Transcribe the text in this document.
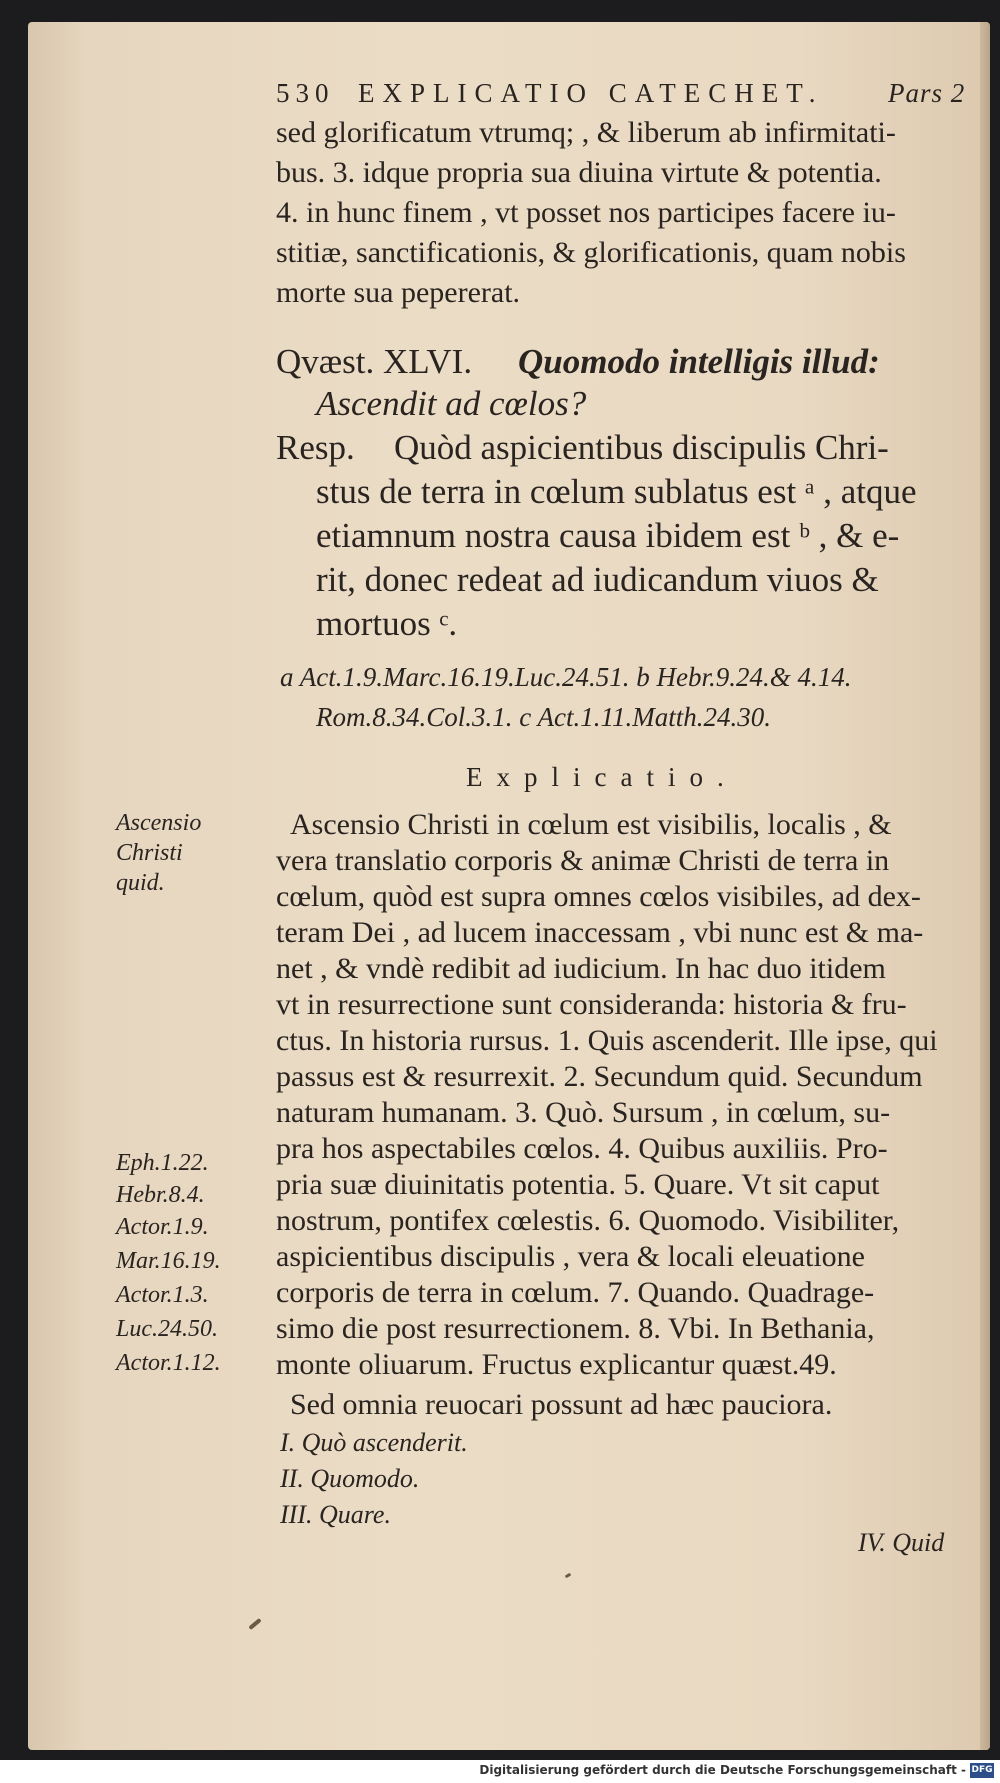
530 EXPLICATIO CATECHET. Pars 2
sed glorificatum vtrumq; , & liberum ab infirmitati-
bus. 3. idque propria sua diuina virtute & potentia.
4. in hunc finem , vt posset nos participes facere iu-
stitiæ, sanctificationis, & glorificationis, quam nobis
morte sua pepererat.
Qvæst. XLVI. Quomodo intelligis illud:
Ascendit ad cœlos?
Resp. Quòd aspicientibus discipulis Chri-
stus de terra in cœlum sublatus est ᵃ , atque
etiamnum nostra causa ibidem est ᵇ , & e-
rit, donec redeat ad iudicandum viuos &
mortuos ᶜ.
a Act.1.9.Marc.16.19.Luc.24.51. b Hebr.9.24.& 4.14.
Rom.8.34.Col.3.1. c Act.1.11.Matth.24.30.
Explicatio.
Ascensio
Christi
quid.
Eph.1.22.
Hebr.8.4.
Actor.1.9.
Mar.16.19.
Actor.1.3.
Luc.24.50.
Actor.1.12.
Ascensio Christi in cœlum est visibilis, localis , &
vera translatio corporis & animæ Christi de terra in
cœlum, quòd est supra omnes cœlos visibiles, ad dex-
teram Dei , ad lucem inaccessam , vbi nunc est & ma-
net , & vndè redibit ad iudicium. In hac duo itidem
vt in resurrectione sunt consideranda: historia & fru-
ctus. In historia rursus. 1. Quis ascenderit. Ille ipse, qui
passus est & resurrexit. 2. Secundum quid. Secundum
naturam humanam. 3. Quò. Sursum , in cœlum, su-
pra hos aspectabiles cœlos. 4. Quibus auxiliis. Pro-
pria suæ diuinitatis potentia. 5. Quare. Vt sit caput
nostrum, pontifex cœlestis. 6. Quomodo. Visibiliter,
aspicientibus discipulis , vera & locali eleuatione
corporis de terra in cœlum. 7. Quando. Quadrage-
simo die post resurrectionem. 8. Vbi. In Bethania,
monte oliuarum. Fructus explicantur quæst.49.
Sed omnia reuocari possunt ad hæc pauciora.
I. Quò ascenderit.
II. Quomodo.
III. Quare.
IV. Quid
Digitalisierung gefördert durch die Deutsche Forschungsgemeinschaft - DFG
